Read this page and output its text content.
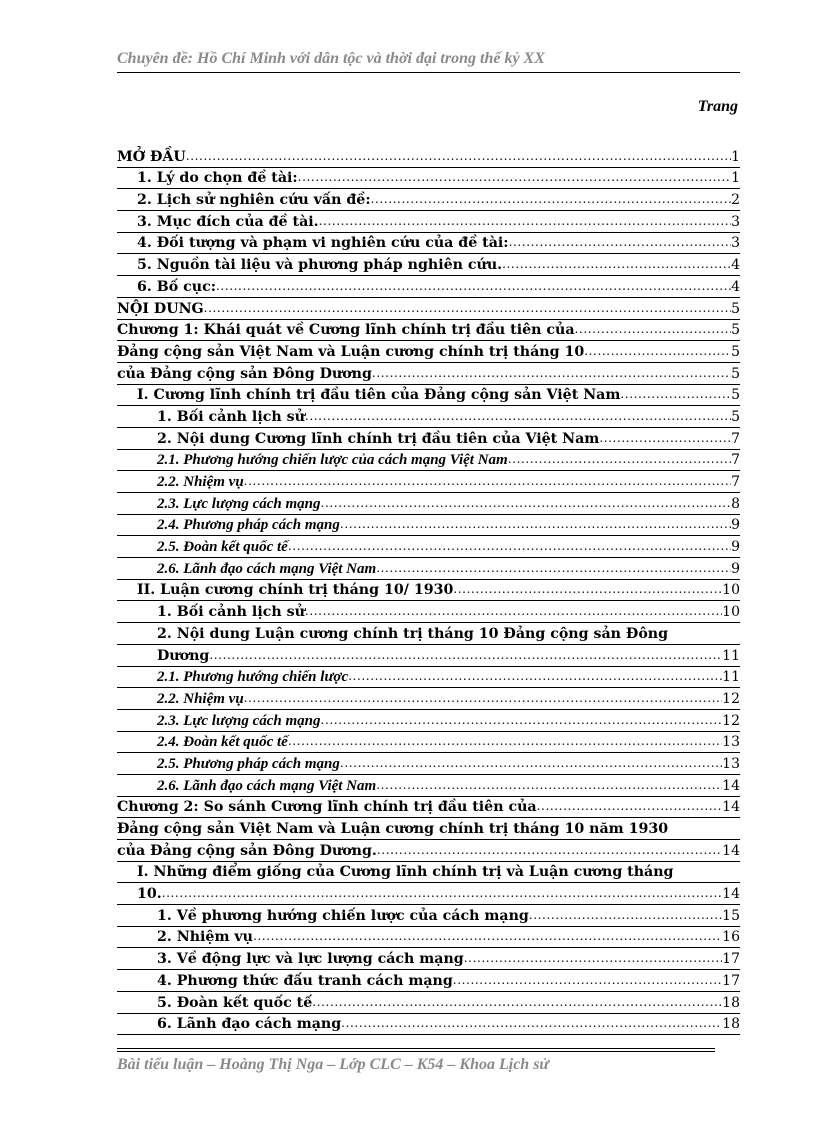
Chuyên đề: Hồ Chí Minh với dân tộc và thời đại trong thế kỷ XX
Trang
MỞ ĐẦU .....	1
1. Lý do chọn đề tài: .....	1
2. Lịch sử nghiên cứu vấn đề: .....	2
3. Mục đích của đề tài. .....	3
4. Đối tượng và phạm vi nghiên cứu của đề tài: .....	3
5. Nguồn tài liệu và phương pháp nghiên cứu. .....	4
6. Bố cục: .....	4
NỘI DUNG .....	5
Chương 1: Khái quát về Cương lĩnh chính trị đầu tiên của .....	5
Đảng cộng sản Việt Nam và Luận cương chính trị tháng 10 .....	5
của Đảng cộng sản Đông Dương .....	5
I. Cương lĩnh chính trị đầu tiên của Đảng cộng sản Việt Nam .....	5
1. Bối cảnh lịch sử .....	5
2. Nội dung Cương lĩnh chính trị đầu tiên của Việt Nam .....	7
2.1. Phương hướng chiến lược của cách mạng Việt Nam .....	7
2.2. Nhiệm vụ .....	7
2.3. Lực lượng cách mạng .....	8
2.4. Phương pháp cách mạng .....	9
2.5. Đoàn kết quốc tế .....	9
2.6. Lãnh đạo cách mạng Việt Nam .....	9
II. Luận cương chính trị tháng 10/ 1930 .....	10
1. Bối cảnh lịch sử .....	10
2. Nội dung Luận cương chính trị tháng 10 Đảng cộng sản Đông
Dương .....	11
2.1. Phương hướng chiến lược .....	11
2.2. Nhiệm vụ .....	12
2.3. Lực lượng cách mạng .....	12
2.4. Đoàn kết quốc tế .....	13
2.5. Phương pháp cách mạng .....	13
2.6. Lãnh đạo cách mạng Việt Nam .....	14
Chương 2: So sánh Cương lĩnh chính trị đầu tiên của .....	14
Đảng cộng sản Việt Nam và Luận cương chính trị tháng 10 năm 1930
của Đảng cộng sản Đông Dương. .....	14
I. Những điểm giống của Cương lĩnh chính trị và Luận cương tháng
10. .....	14
1. Về phương hướng chiến lược của cách mạng .....	15
2. Nhiệm vụ .....	16
3. Về động lực và lực lượng cách mạng .....	17
4. Phương thức đấu tranh cách mạng .....	17
5. Đoàn kết quốc tế .....	18
6. Lãnh đạo cách mạng .....	18
Bài tiểu luận – Hoàng Thị Nga – Lớp CLC – K54 – Khoa Lịch sử
